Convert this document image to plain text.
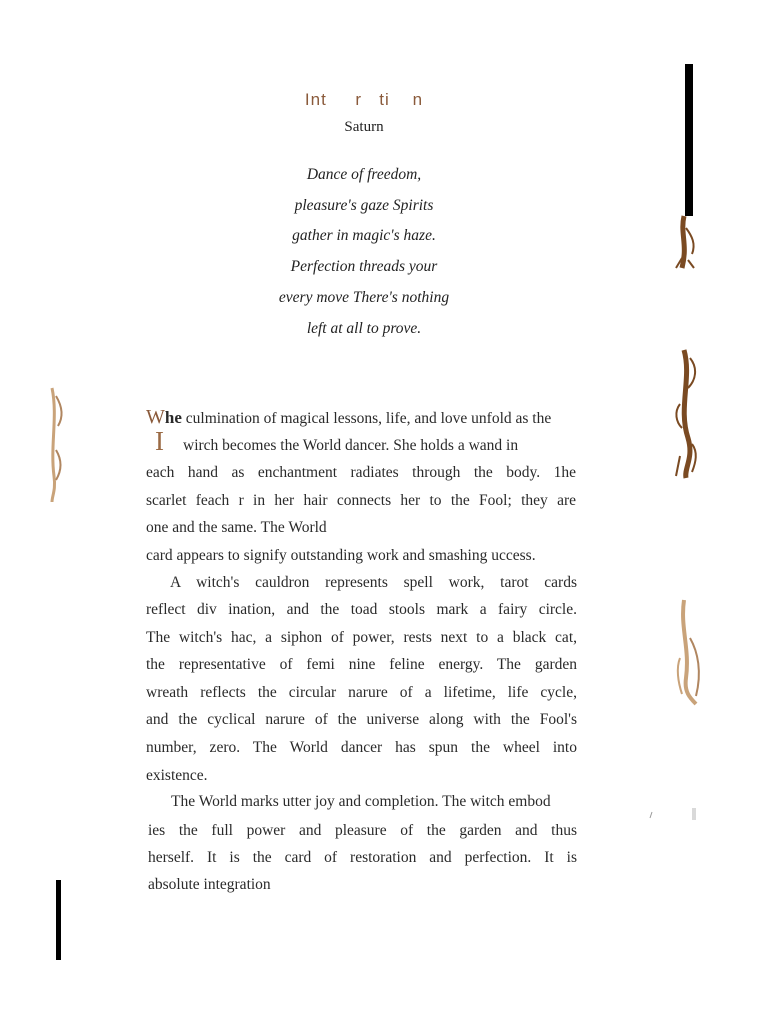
Int     r   ti    n
Saturn
Dance of freedom,
pleasure's gaze Spirits
gather in magic's haze.
Perfection threads your
every move There's nothing
left at all to prove.
Whe culmination of magical lessons, life, and love unfold as the
I wirch becomes the World dancer. She holds a wand in
each hand as enchantment radiates through the body. 1he
scarlet feach r in her hair connects her to the Fool; they are
one and the same. The World
card appears to signify outstanding work and smashing uccess.
A witch's cauldron represents spell work, tarot cards
reflect div ination, and the toad stools mark a fairy circle.
The witch's hac, a siphon of power, rests next to a black cat,
the representative of femi nine feline energy. The garden
wreath reflects the circular narure of a lifetime, life cycle,
and the cyclical narure of the universe along with the Fool's
number, zero. The World dancer has spun the wheel into
existence.
The World marks utter joy and completion. The witch embod
ies the full power and pleasure of the garden and thus
herself. It is the card of restoration and perfection. It is
absolute integration
